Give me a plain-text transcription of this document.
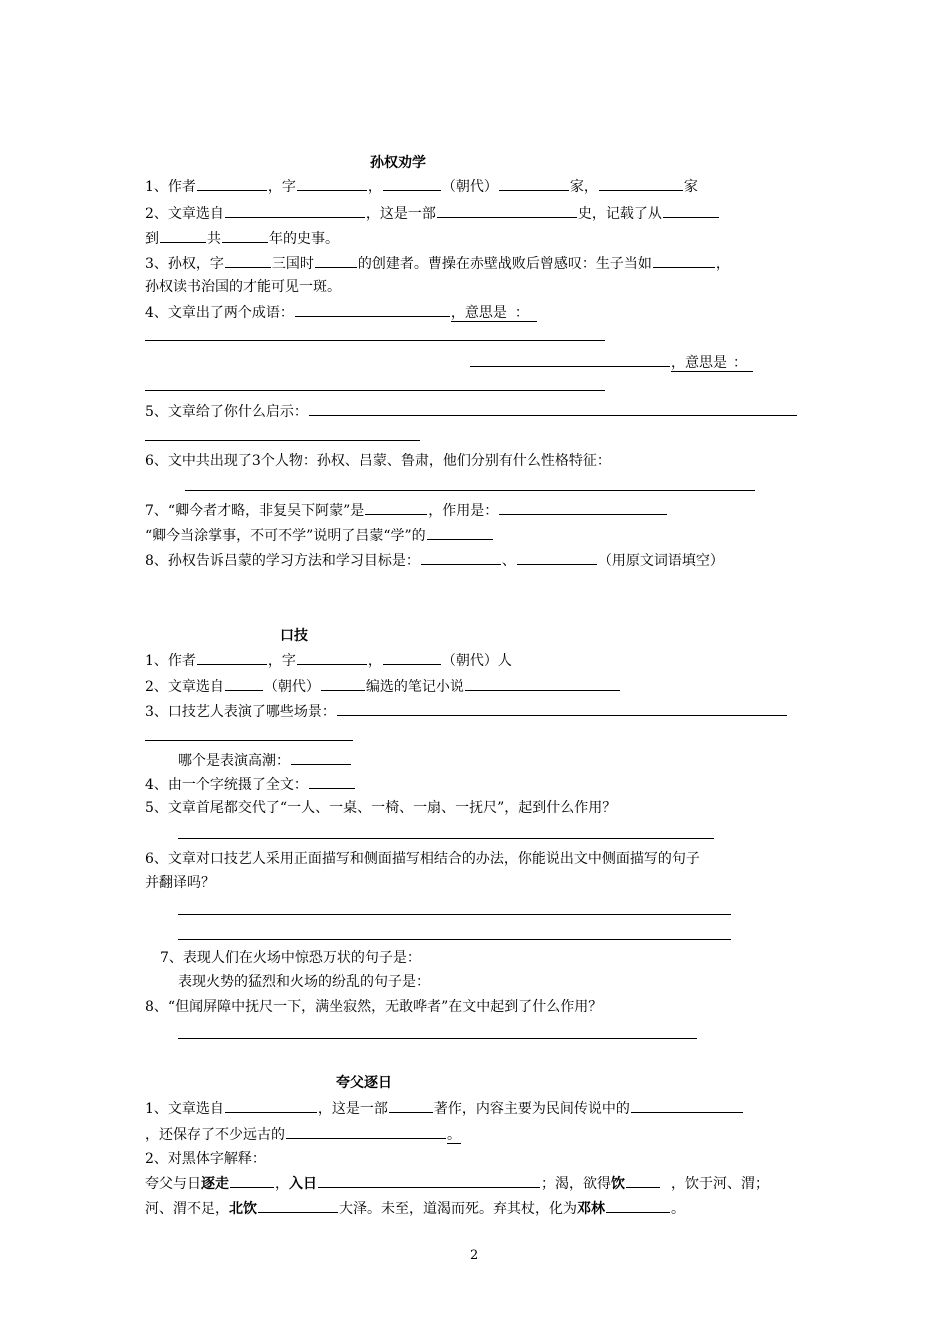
孙权劝学
1、作者	，字	，	（朝代）	家，	家
2、文章选自	，这是一部	史，记载了从
到	共	年的史事。
3、孙权，字	三国时	的创建者。曹操在赤壁战败后曾感叹：生子当如	，
孙权读书治国的才能可见一斑。
4、文章出了两个成语：	，意思是 ：
，意思是 ：
5、文章给了你什么启示：
6、文中共出现了3个人物：孙权、吕蒙、鲁肃，他们分别有什么性格特征：
7、“卿今者才略，非复吴下阿蒙”是	，作用是：
“卿今当涂掌事，不可不学”说明了吕蒙“学”的
8、孙权告诉吕蒙的学习方法和学习目标是：	、	（用原文词语填空）
口技
1、作者	，字	，	（朝代）人
2、文章选自	（朝代）	编选的笔记小说
3、口技艺人表演了哪些场景：
哪个是表演高潮：
4、由一个字统摄了全文：
5、文章首尾都交代了“一人、一桌、一椅、一扇、一抚尺”，起到什么作用？
6、文章对口技艺人采用正面描写和侧面描写相结合的办法，你能说出文中侧面描写的句子
并翻译吗？
7、表现人们在火场中惊恐万状的句子是：
表现火势的猛烈和火场的纷乱的句子是：
8、“但闻屏障中抚尺一下，满坐寂然，无敢哗者”在文中起到了什么作用？
夸父逐日
1、文章选自	，这是一部	著作，内容主要为民间传说中的
，还保存了不少远古的	。
2、对黑体字解释：
夸父与日逐走	，入日	；渴，欲得饮	，饮于河、渭；
河、渭不足，北饮	大泽。未至，道渴而死。弃其杖，化为邓林	。
2
